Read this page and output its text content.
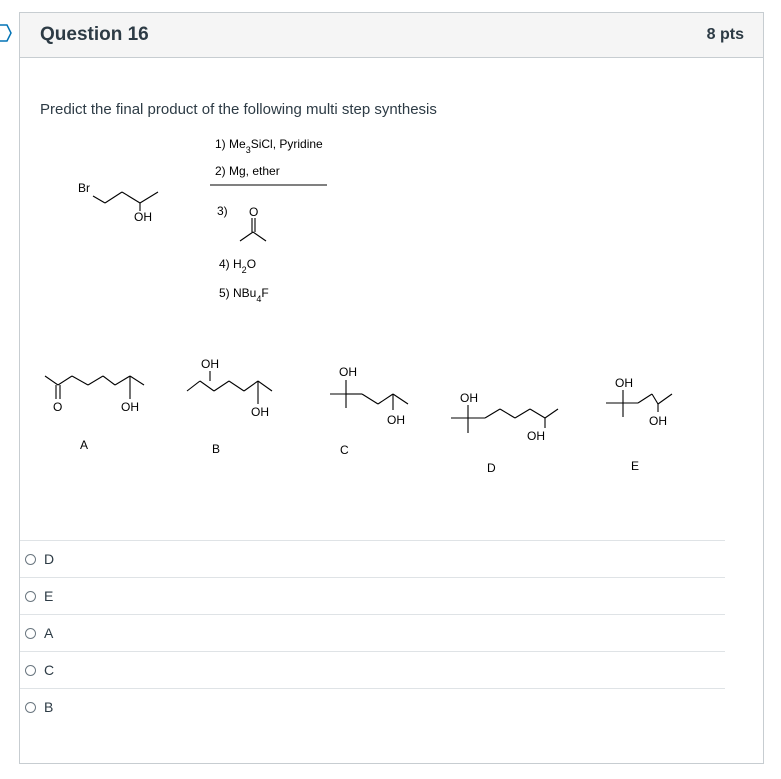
Question 16	8 pts
Predict the final product of the following multi step synthesis
Br
OH
1) $Me_3SiCl$, Pyridine
2) Mg, ether
3) O
4) $H_2O$
5) NBu$_4$F
O	OH
A
OH
OH
B
OH
OH
C
OH
OH
D
OH
OH
E
D
E
A
C
B
